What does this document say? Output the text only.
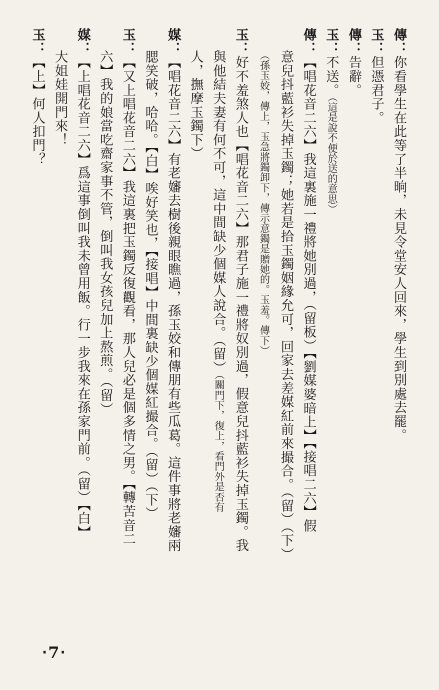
傳：你看學生在此等了半晌，未見令堂安人回來，學生到別處去罷。
玉：但憑君子。
傳：告辭。
玉：不送。（這是說不便於送的意思）
傳：【唱花音二六】我這裏施一禮將她別過，（留板）【劉媒婆暗上】【接唱二六】假
意兒抖藍衫失掉玉鐲；她若是拾玉鐲姻緣允可，回家去差媒紅前來撮合。（留）（下）
（孫玉姣，傳上，玉急將鐲卸下，傳示意鐲是贈她的。玉羞。傳下）
玉：好不羞煞人也【唱花音二六】那君子施一禮將奴別過，假意兒抖藍衫失掉玉鐲。我
與他結夫妻有何不可，這中間缺少個媒人說合。（留）（關門下，復上，看門外是否有
人，撫摩玉鐲下）
媒：【唱花音二六】有老嬸去樹後親眼瞧過，孫玉姣和傳朋有些瓜葛。這件事將老嬸兩
腮笑破，哈哈。【白】唉好笑也，【接唱】中間裏缺少個媒紅撮合。（留）（下）
玉：【又上唱花音二六】我這裏把玉鐲反復觀看，那人兒必是個多情之男。【轉苦音二
六】我的娘當吃齋家事不管，倒叫我女孩兒加上熬煎。（留）
媒：【上唱花音二六】爲這事倒叫我未曾用飯。行一步我來在孫家門前。（留）【白】
大姐娃開門來！
玉：【上】何人扣門？
‧7‧
